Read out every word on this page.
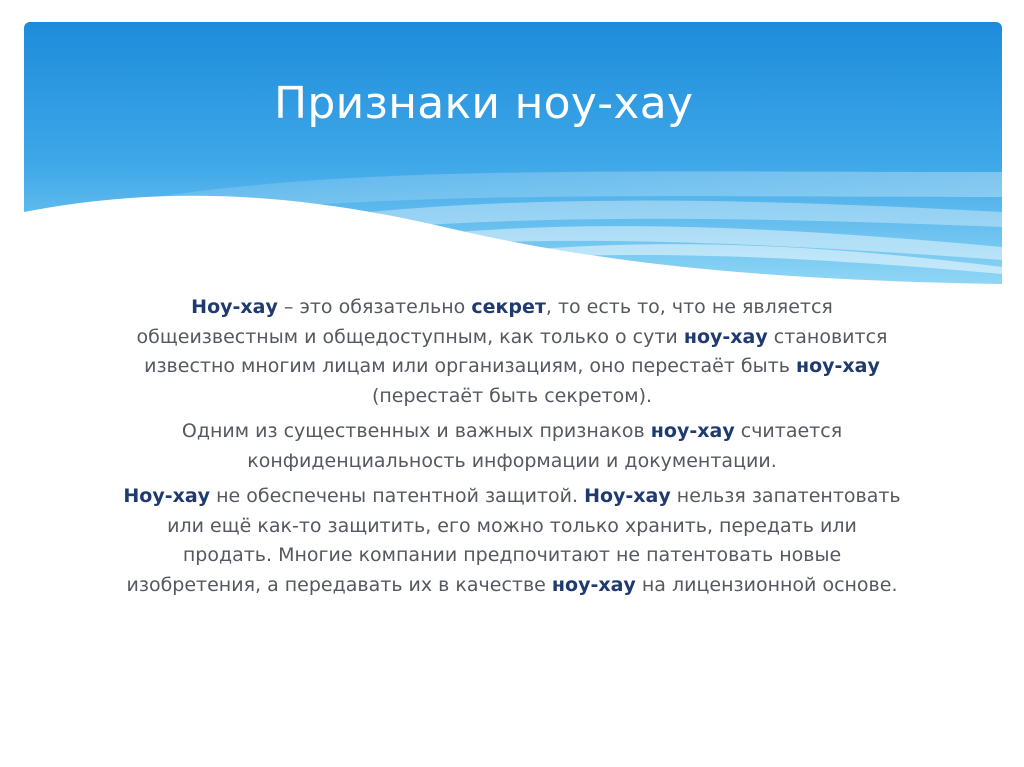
Признаки ноу-хау

Ноу-хау – это обязательно секрет, то есть то, что не является общеизвестным и общедоступным, как только о сути ноу-хау становится известно многим лицам или организациям, оно перестаёт быть ноу-хау (перестаёт быть секретом).

Одним из существенных и важных признаков ноу-хау считается конфиденциальность информации и документации.

Ноу-хау не обеспечены патентной защитой. Ноу-хау нельзя запатентовать или ещё как-то защитить, его можно только хранить, передать или продать. Многие компании предпочитают не патентовать новые изобретения, а передавать их в качестве ноу-хау на лицензионной основе.
